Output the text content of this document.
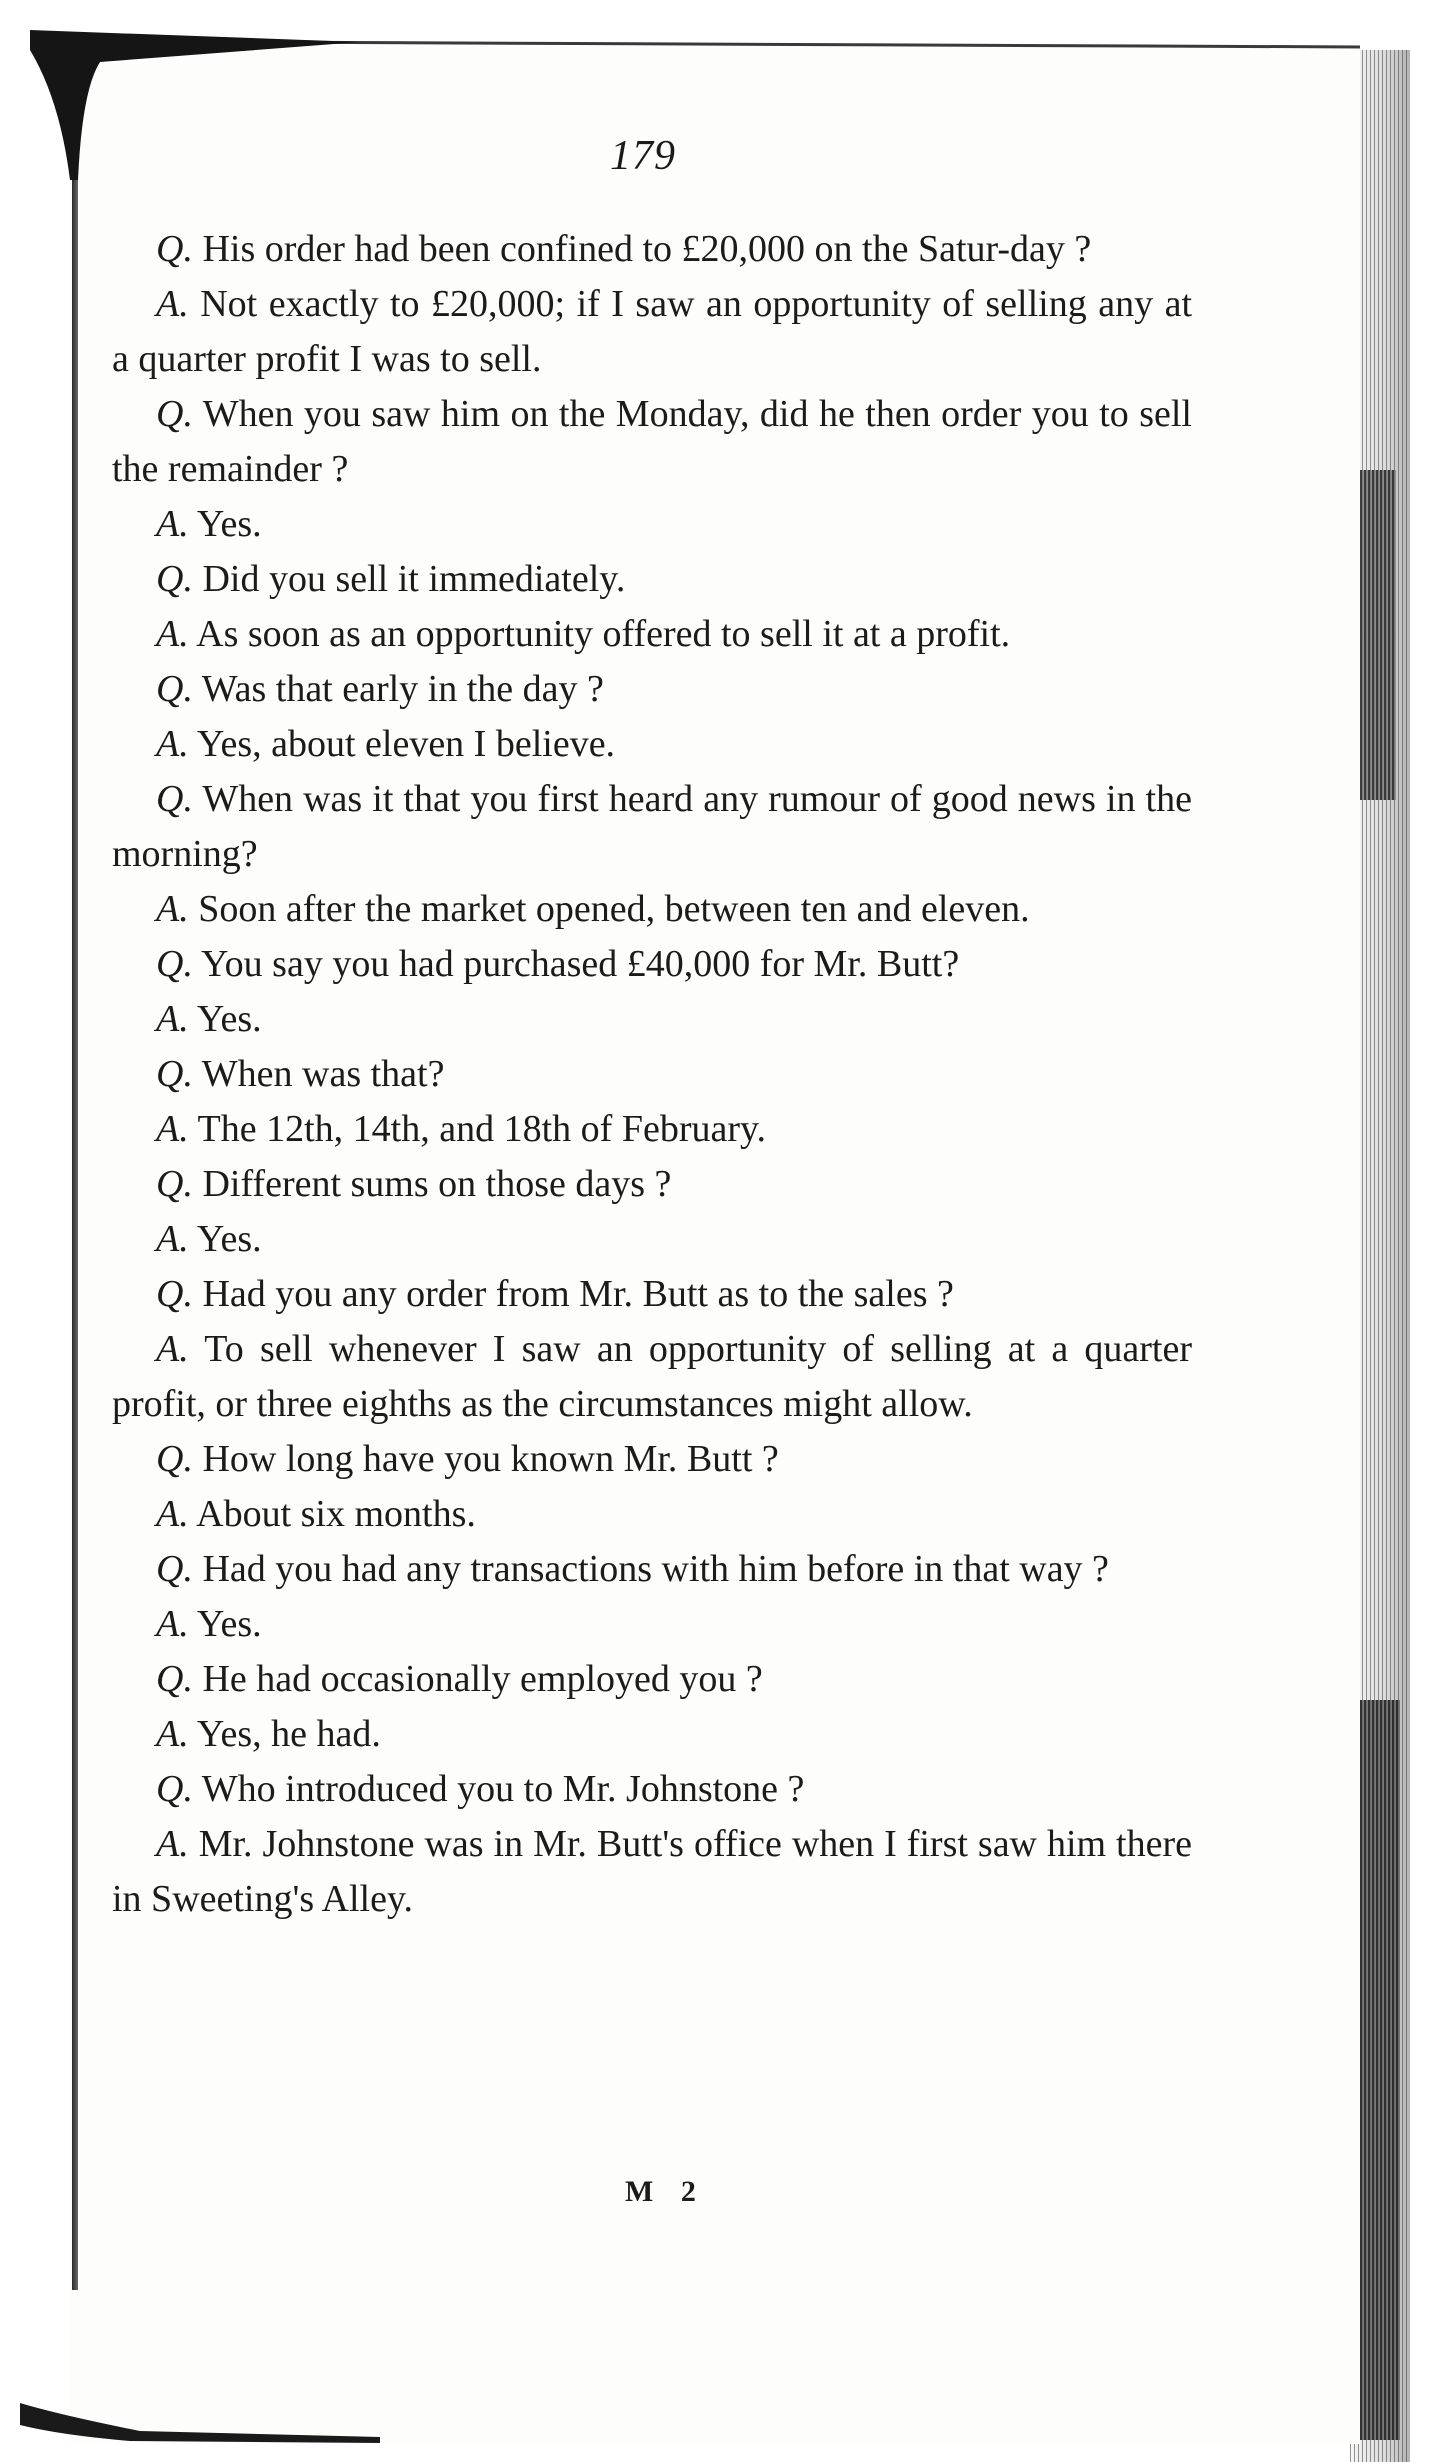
179

Q. His order had been confined to £20,000 on the Satur-day ?

A. Not exactly to £20,000; if I saw an opportunity of selling any at a quarter profit I was to sell.

Q. When you saw him on the Monday, did he then order you to sell the remainder ?

A. Yes.

Q. Did you sell it immediately.

A. As soon as an opportunity offered to sell it at a profit.

Q. Was that early in the day ?

A. Yes, about eleven I believe.

Q. When was it that you first heard any rumour of good news in the morning?

A. Soon after the market opened, between ten and eleven.

Q. You say you had purchased £40,000 for Mr. Butt?

A. Yes.

Q. When was that?

A. The 12th, 14th, and 18th of February.

Q. Different sums on those days ?

A. Yes.

Q. Had you any order from Mr. Butt as to the sales ?

A. To sell whenever I saw an opportunity of selling at a quarter profit, or three eighths as the circumstances might allow.

Q. How long have you known Mr. Butt ?

A. About six months.

Q. Had you had any transactions with him before in that way ?

A. Yes.

Q. He had occasionally employed you ?

A. Yes, he had.

Q. Who introduced you to Mr. Johnstone ?

A. Mr. Johnstone was in Mr. Butt's office when I first saw him there in Sweeting's Alley.

M 2
